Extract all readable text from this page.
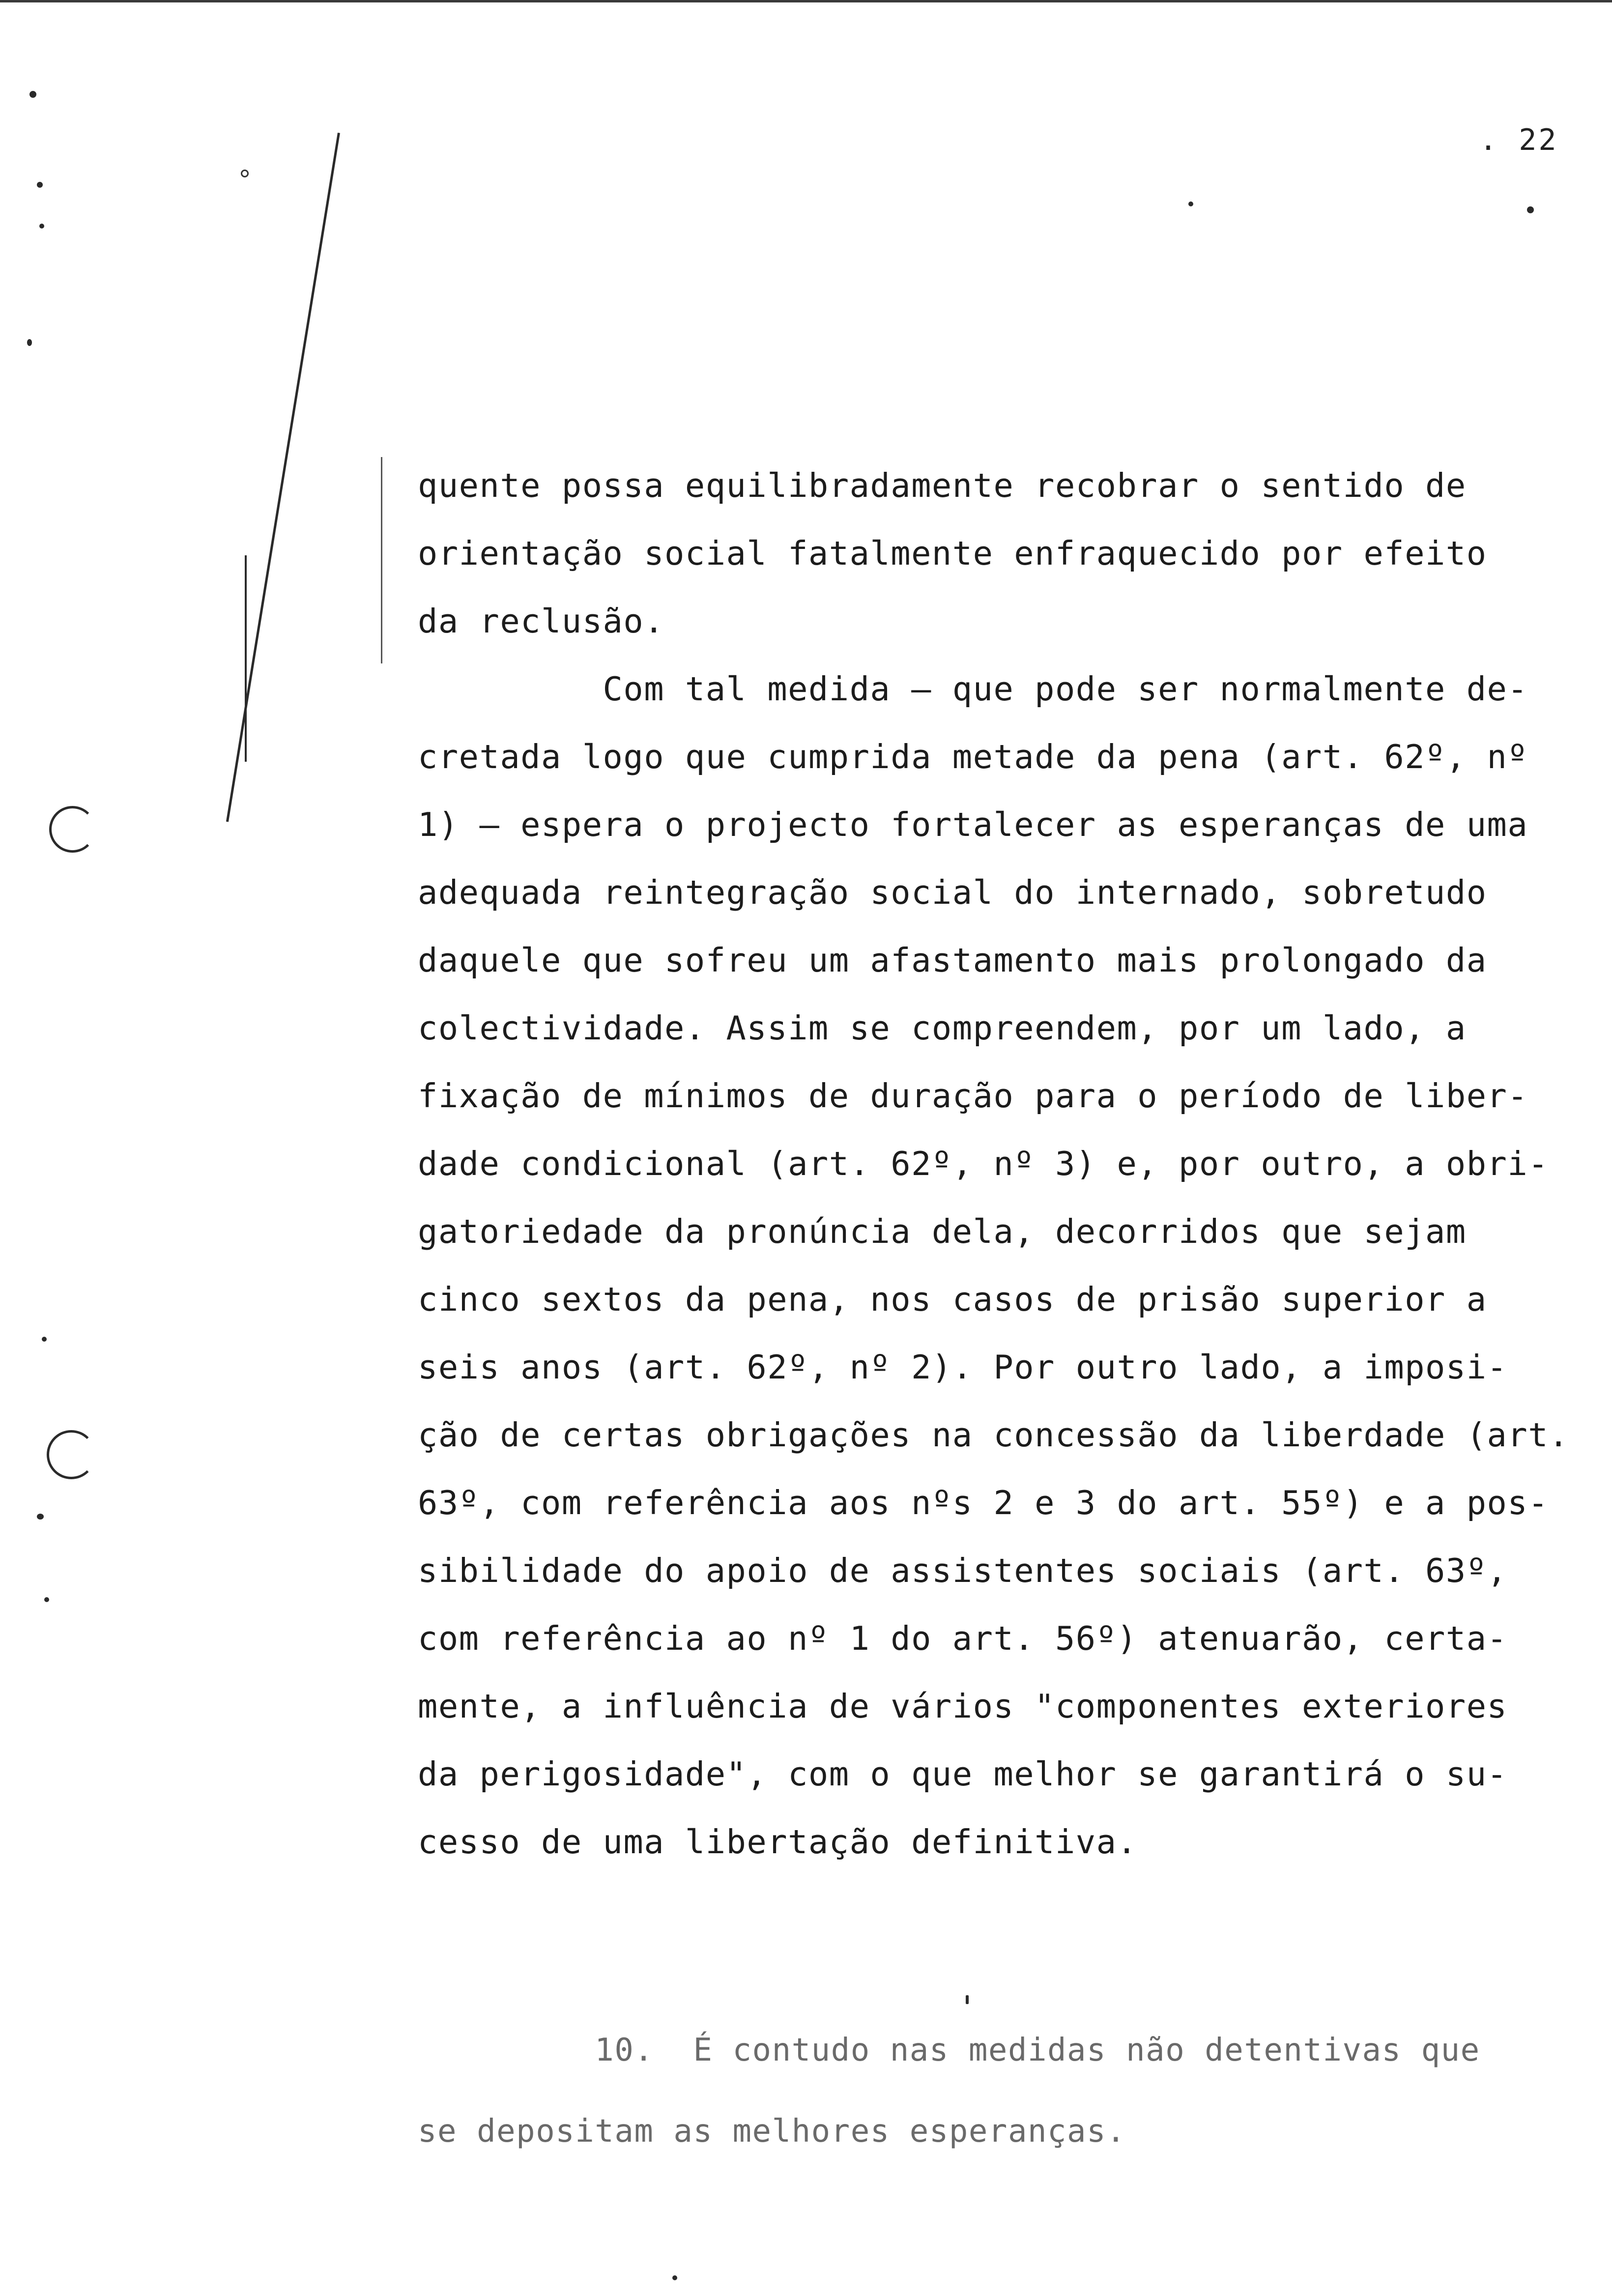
. 22
quente possa equilibradamente recobrar o sentido de
orientação social fatalmente enfraquecido por efeito
da reclusão.
Com tal medida — que pode ser normalmente de-
cretada logo que cumprida metade da pena (art. 62º, nº
1) — espera o projecto fortalecer as esperanças de uma
adequada reintegração social do internado, sobretudo
daquele que sofreu um afastamento mais prolongado da
colectividade. Assim se compreendem, por um lado, a
fixação de mínimos de duração para o período de liber-
dade condicional (art. 62º, nº 3) e, por outro, a obri-
gatoriedade da pronúncia dela, decorridos que sejam
cinco sextos da pena, nos casos de prisão superior a
seis anos (art. 62º, nº 2). Por outro lado, a imposi-
ção de certas obrigações na concessão da liberdade (art.
63º, com referência aos nºs 2 e 3 do art. 55º) e a pos-
sibilidade do apoio de assistentes sociais (art. 63º,
com referência ao nº 1 do art. 56º) atenuarão, certa-
mente, a influência de vários "componentes exteriores
da perigosidade", com o que melhor se garantirá o su-
cesso de uma libertação definitiva.
10.  É contudo nas medidas não detentivas que
se depositam as melhores esperanças.
